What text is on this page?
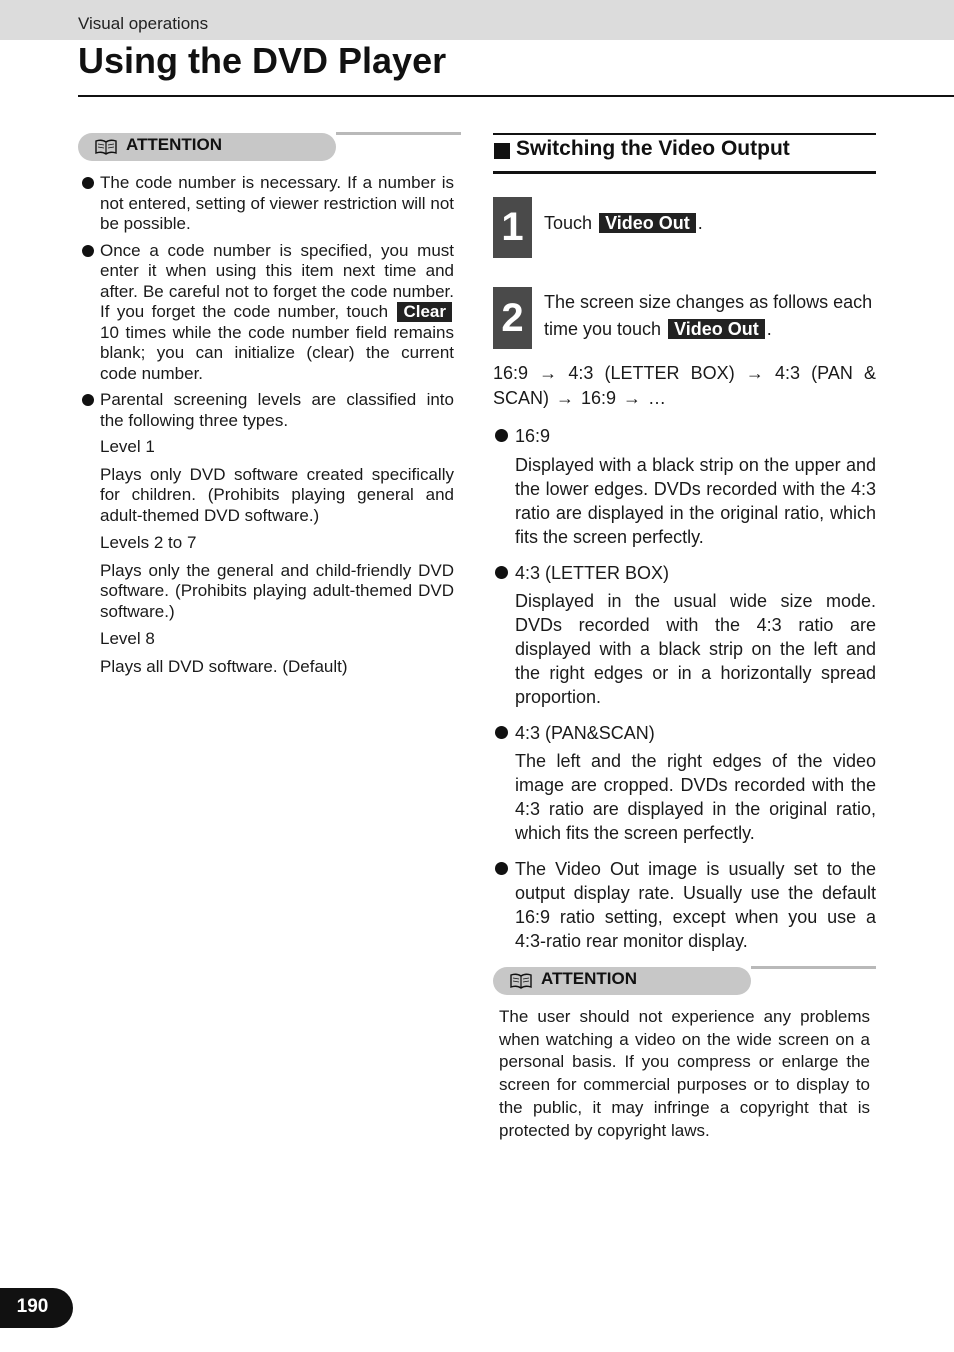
Visual operations
Using the DVD Player
ATTENTION

The code number is necessary. If a number is not entered, setting of viewer restriction will not be possible.

Once a code number is specified, you must enter it when using this item next time and after. Be careful not to forget the code number. If you forget the code number, touch Clear 10 times while the code number field remains blank; you can initialize (clear) the current code number.

Parental screening levels are classified into the following three types.

Level 1

Plays only DVD software created specifically for children. (Prohibits playing general and adult-themed DVD software.)

Levels 2 to 7

Plays only the general and child-friendly DVD software. (Prohibits playing adult-themed DVD software.)

Level 8

Plays all DVD software. (Default)

Switching the Video Output
1	Touch Video Out .
2	The screen size changes as follows each time you touch Video Out .

16:9 → 4:3 (LETTER BOX) → 4:3 (PAN & SCAN) → 16:9 → …

16:9

Displayed with a black strip on the upper and the lower edges. DVDs recorded with the 4:3 ratio are displayed in the original ratio, which fits the screen perfectly.

4:3 (LETTER BOX)

Displayed in the usual wide size mode. DVDs recorded with the 4:3 ratio are displayed with a black strip on the left and the right edges or in a horizontally spread proportion.

4:3 (PAN&SCAN)

The left and the right edges of the video image are cropped. DVDs recorded with the 4:3 ratio are displayed in the original ratio, which fits the screen perfectly.

The Video Out image is usually set to the output display rate. Usually use the default 16:9 ratio setting, except when you use a 4:3-ratio rear monitor display.

ATTENTION

The user should not experience any problems when watching a video on the wide screen on a personal basis. If you compress or enlarge the screen for commercial purposes or to display to the public, it may infringe a copyright that is protected by copyright laws.

190
